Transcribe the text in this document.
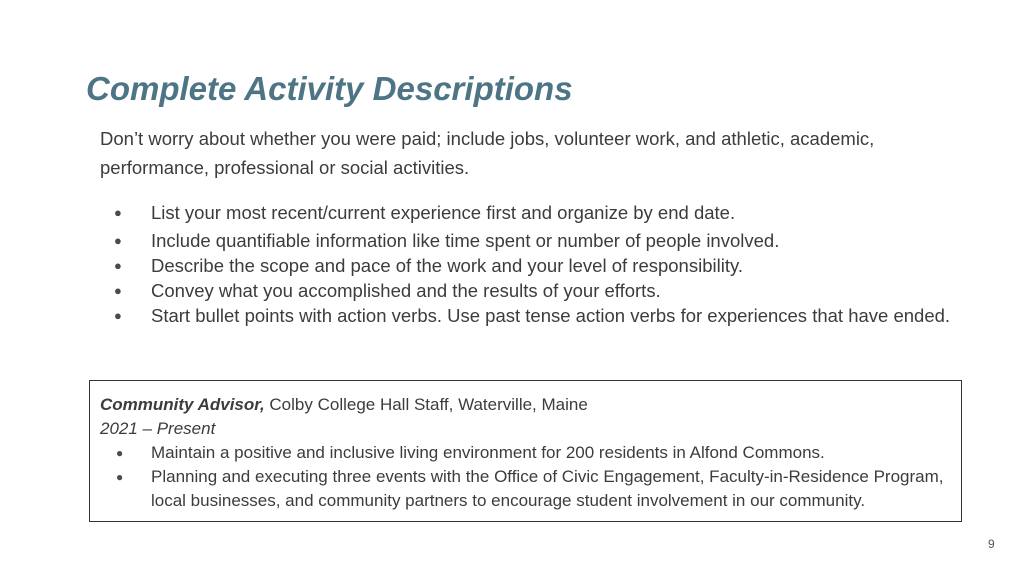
Complete Activity Descriptions
Don’t worry about whether you were paid; include jobs, volunteer work, and athletic, academic, performance, professional or social activities.
● List your most recent/current experience first and organize by end date.
● Include quantifiable information like time spent or number of people involved.
● Describe the scope and pace of the work and your level of responsibility.
● Convey what you accomplished and the results of your efforts.
● Start bullet points with action verbs. Use past tense action verbs for experiences that have ended.
Community Advisor, Colby College Hall Staff, Waterville, Maine
2021 – Present
● Maintain a positive and inclusive living environment for 200 residents in Alfond Commons.
● Planning and executing three events with the Office of Civic Engagement, Faculty-in-Residence Program, local businesses, and community partners to encourage student involvement in our community.
9
